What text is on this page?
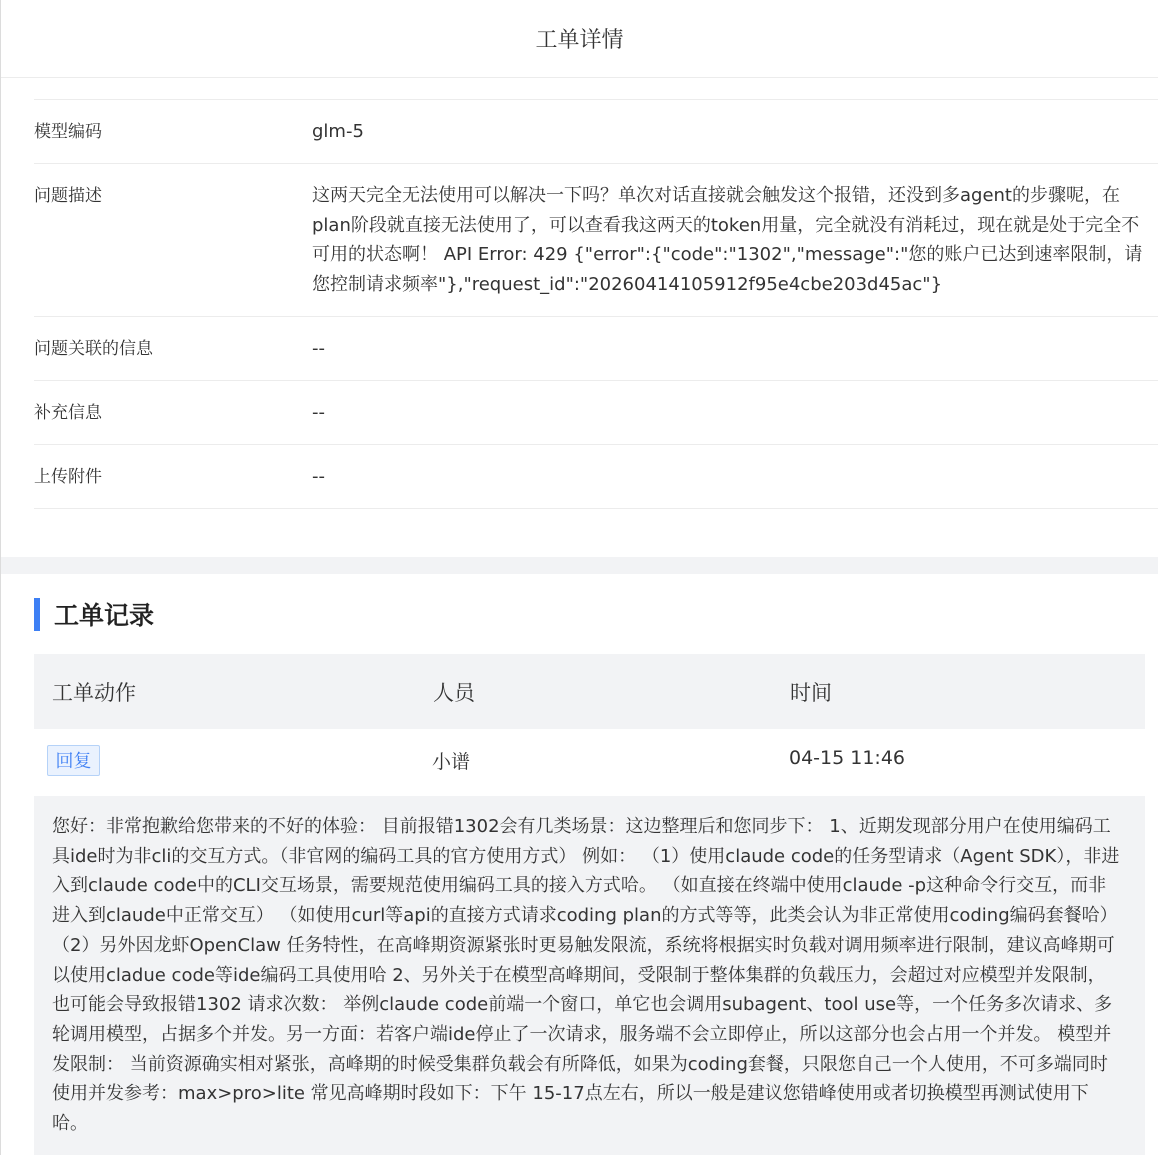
工单详情
模型编码	glm-5
问题描述	这两天完全无法使用可以解决一下吗？单次对话直接就会触发这个报错，还没到多agent的步骤呢，在plan阶段就直接无法使用了，可以查看我这两天的token用量，完全就没有消耗过，现在就是处于完全不可用的状态啊！ API Error: 429 {"error":{"code":"1302","message":"您的账户已达到速率限制，请您控制请求频率"},"request_id":"20260414105912f95e4cbe203d45ac"}
问题关联的信息	--
补充信息	--
上传附件	--
工单记录
工单动作	人员	时间
回复	小谱	04-15 11:46
您好：非常抱歉给您带来的不好的体验： 目前报错1302会有几类场景：这边整理后和您同步下： 1、近期发现部分用户在使用编码工具ide时为非cli的交互方式。（非官网的编码工具的官方使用方式） 例如： （1）使用claude code的任务型请求（Agent SDK），非进入到claude code中的CLI交互场景，需要规范使用编码工具的接入方式哈。 （如直接在终端中使用claude -p这种命令行交互，而非进入到claude中正常交互） （如使用curl等api的直接方式请求coding plan的方式等等，此类会认为非正常使用coding编码套餐哈） （2）另外因龙虾OpenClaw 任务特性，在高峰期资源紧张时更易触发限流，系统将根据实时负载对调用频率进行限制，建议高峰期可以使用cladue code等ide编码工具使用哈 2、另外关于在模型高峰期间，受限制于整体集群的负载压力，会超过对应模型并发限制，也可能会导致报错1302 请求次数： 举例claude code前端一个窗口，单它也会调用subagent、tool use等，一个任务多次请求、多轮调用模型，占据多个并发。另一方面：若客户端ide停止了一次请求，服务端不会立即停止，所以这部分也会占用一个并发。 模型并发限制： 当前资源确实相对紧张，高峰期的时候受集群负载会有所降低，如果为coding套餐，只限您自己一个人使用，不可多端同时使用并发参考：max>pro>lite 常见高峰期时段如下：下午 15-17点左右，所以一般是建议您错峰使用或者切换模型再测试使用下哈。
